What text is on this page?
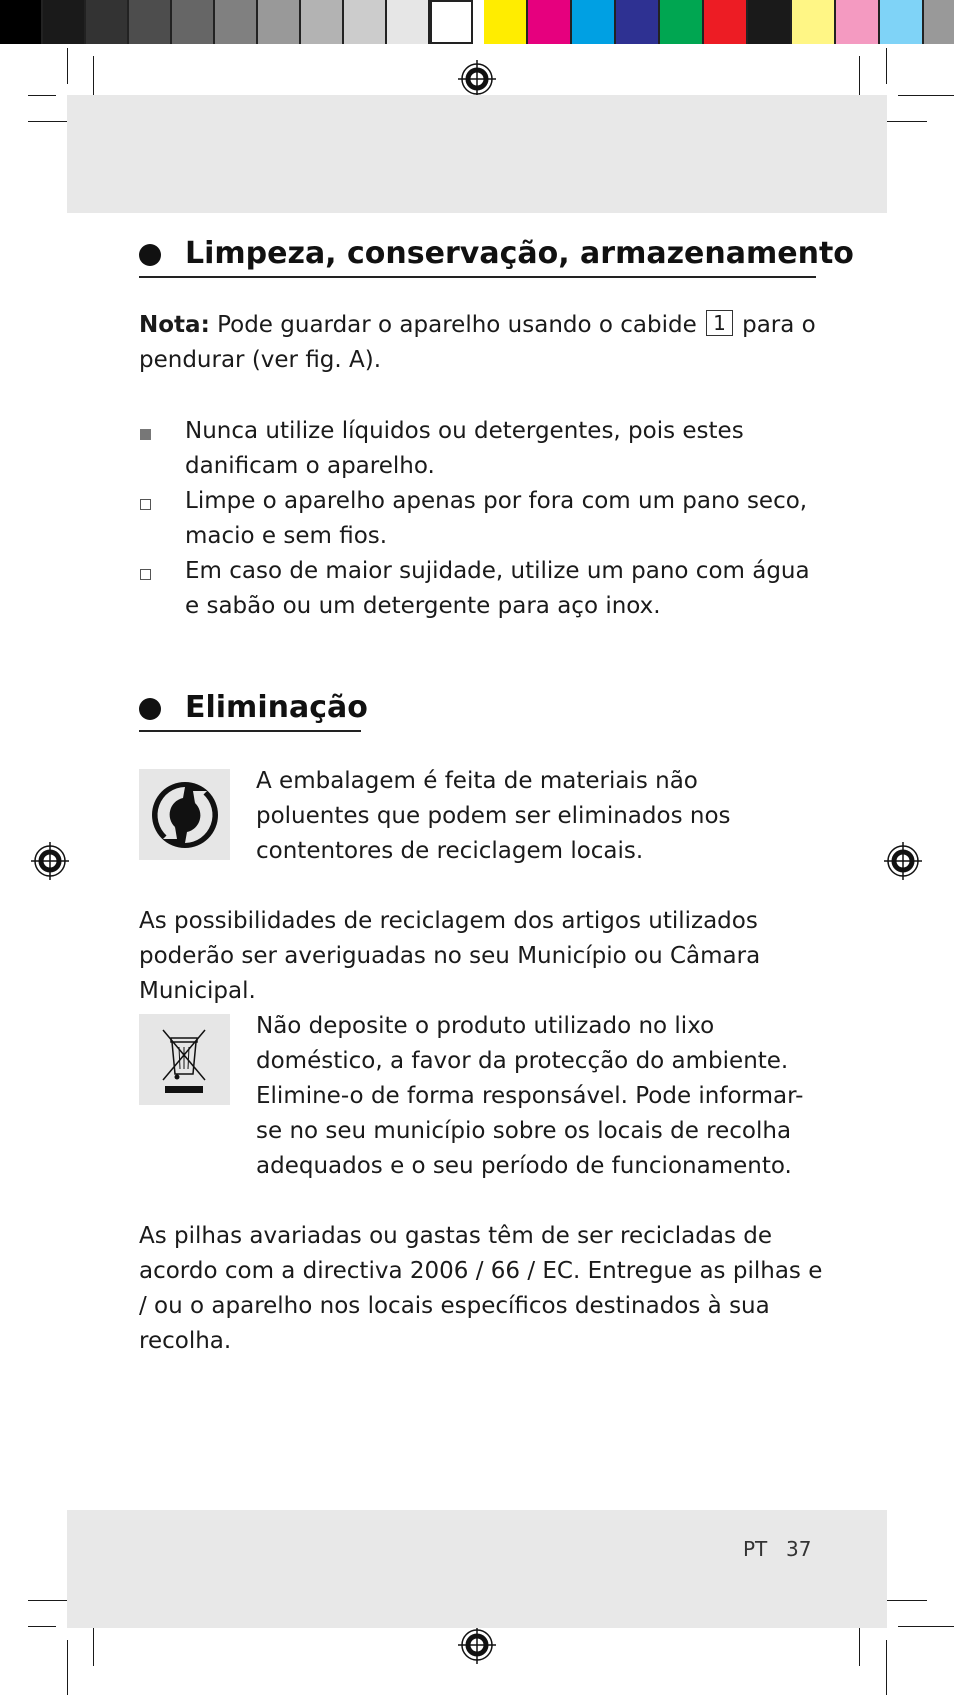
Limpeza, conservação, armazenamento

Nota: Pode guardar o aparelho usando o cabide 1 para o pendurar (ver fig. A).

Nunca utilize líquidos ou detergentes, pois estes danificam o aparelho.
Limpe o aparelho apenas por fora com um pano seco, macio e sem fios.
Em caso de maior sujidade, utilize um pano com água e sabão ou um detergente para aço inox.
Eliminação

A embalagem é feita de materiais não poluentes que podem ser eliminados nos contentores de reciclagem locais.

As possibilidades de reciclagem dos artigos utilizados poderão ser averiguadas no seu Município ou Câmara Municipal.

Não deposite o produto utilizado no lixo doméstico, a favor da protecção do ambiente. Elimine-o de forma responsável. Pode informar-se no seu município sobre os locais de recolha adequados e o seu período de funcionamento.

As pilhas avariadas ou gastas têm de ser recicladas de acordo com a directiva 2006 / 66 / EC. Entregue as pilhas e / ou o aparelho nos locais específicos destinados à sua recolha.

PT 37
